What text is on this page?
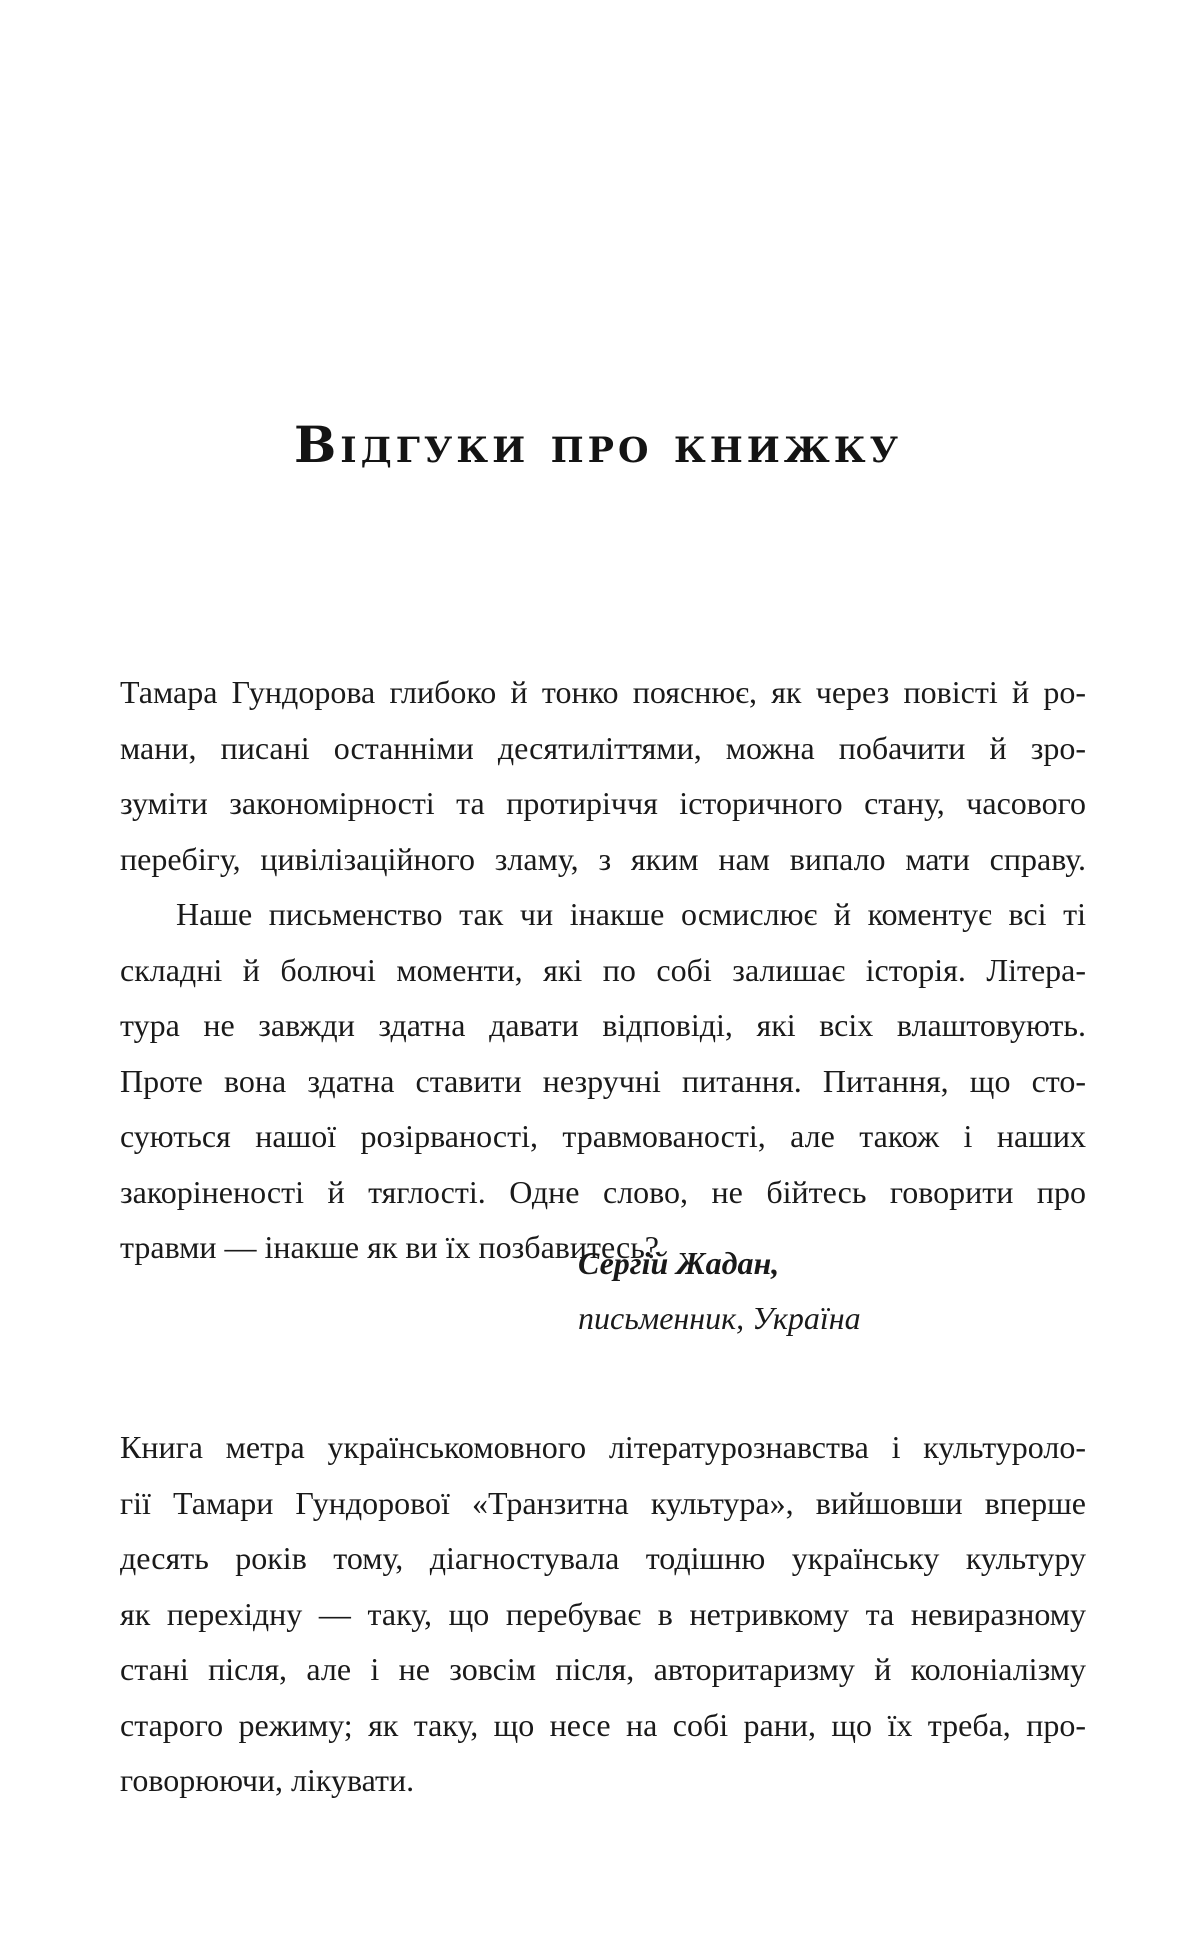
Відгуки про книжку
Тамара Гундорова глибоко й тонко пояснює, як через повісті й ро-
мани, писані останніми десятиліттями, можна побачити й зро-
зуміти закономірності та протиріччя історичного стану, часового
перебігу, цивілізаційного зламу, з яким нам випало мати справу.
Наше письменство так чи інакше осмислює й коментує всі ті
складні й болючі моменти, які по собі залишає історія. Літера-
тура не завжди здатна давати відповіді, які всіх влаштовують.
Проте вона здатна ставити незручні питання. Питання, що сто-
суються нашої розірваності, травмованості, але також і наших
закоріненості й тяглості. Одне слово, не бійтесь говорити про
травми — інакше як ви їх позбавитесь?

Сергій Жадан,

письменник, Україна

Книга метра українськомовного літературознавства і культуроло-
гії Тамари Гундорової «Транзитна культура», вийшовши вперше
десять років тому, діагностувала тодішню українську культуру
як перехідну — таку, що перебуває в нетривкому та невиразному
стані після, але і не зовсім після, авторитаризму й колоніалізму
старого режиму; як таку, що несе на собі рани, що їх треба, про-
говорюючи, лікувати.
